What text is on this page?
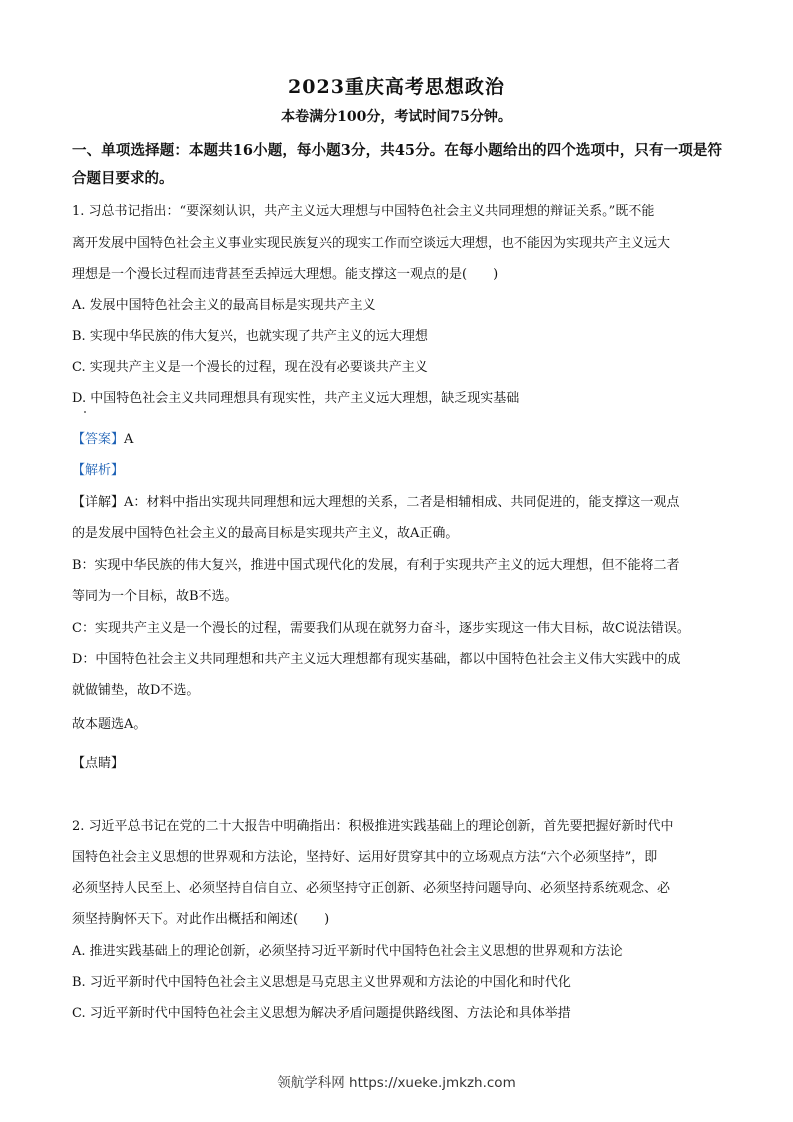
2023重庆高考思想政治
本卷满分100分，考试时间75分钟。
一、单项选择题：本题共16小题，每小题3分，共45分。在每小题给出的四个选项中，只有一项是符合题目要求的。
1. 习总书记指出：“要深刻认识，共产主义远大理想与中国特色社会主义共同理想的辩证关系。”既不能
离开发展中国特色社会主义事业实现民族复兴的现实工作而空谈远大理想，也不能因为实现共产主义远大
理想是一个漫长过程而违背甚至丢掉远大理想。能支撑这一观点的是(　　)
A. 发展中国特色社会主义的最高目标是实现共产主义
B. 实现中华民族的伟大复兴，也就实现了共产主义的远大理想
C. 实现共产主义是一个漫长的过程，现在没有必要谈共产主义
D. 中国特色社会主义共同理想具有现实性，共产主义远大理想，缺乏现实基础
【答案】A
【解析】
【详解】A：材料中指出实现共同理想和远大理想的关系，二者是相辅相成、共同促进的，能支撑这一观点
的是发展中国特色社会主义的最高目标是实现共产主义，故A正确。
B：实现中华民族的伟大复兴，推进中国式现代化的发展，有利于实现共产主义的远大理想，但不能将二者
等同为一个目标，故B不选。
C：实现共产主义是一个漫长的过程，需要我们从现在就努力奋斗，逐步实现这一伟大目标，故C说法错误。
D：中国特色社会主义共同理想和共产主义远大理想都有现实基础，都以中国特色社会主义伟大实践中的成
就做铺垫，故D不选。
故本题选A。
【点睛】
2. 习近平总书记在党的二十大报告中明确指出：积极推进实践基础上的理论创新，首先要把握好新时代中
国特色社会主义思想的世界观和方法论，坚持好、运用好贯穿其中的立场观点方法“六个必须坚持”，即
必须坚持人民至上、必须坚持自信自立、必须坚持守正创新、必须坚持问题导向、必须坚持系统观念、必
须坚持胸怀天下。对此作出概括和阐述(　　)
A. 推进实践基础上的理论创新，必须坚持习近平新时代中国特色社会主义思想的世界观和方法论
B. 习近平新时代中国特色社会主义思想是马克思主义世界观和方法论的中国化和时代化
C. 习近平新时代中国特色社会主义思想为解决矛盾问题提供路线图、方法论和具体举措
领航学科网 https://xueke.jmkzh.com
